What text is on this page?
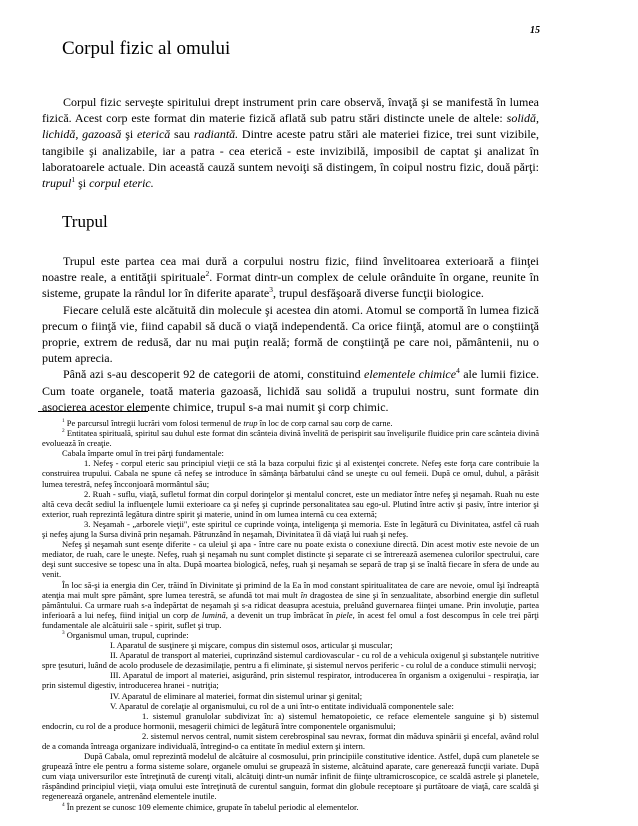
15
Corpul fizic al omului

Corpul fizic serveşte spiritului drept instrument prin care observă, învaţă şi se manifestă în lumea fizică. Acest corp este format din materie fizică aflată sub patru stări distincte unele de altele: solidă, lichidă, gazoasă şi eterică sau radiantă. Dintre aceste patru stări ale materiei fizice, trei sunt vizibile, tangibile şi analizabile, iar a patra - cea eterică - este invizibilă, imposibil de captat şi analizat în laboratoarele actuale. Din această cauză suntem nevoiţi să distingem, în coipul nostru fizic, două părţi: trupul$^1$ şi corpul eteric.

Trupul

Trupul este partea cea mai dură a corpului nostru fizic, fiind învelitoarea exterioară a fiinţei noastre reale, a entităţii spirituale$^2$. Format dintr-un complex de celule orânduite în organe, reunite în sisteme, grupate la rândul lor în diferite aparate$^3$, trupul desfăşoară diverse funcţii biologice.

Fiecare celulă este alcătuită din molecule şi acestea din atomi. Atomul se comportă în lumea fizică precum o fiinţă vie, fiind capabil să ducă o viaţă independentă. Ca orice fiinţă, atomul are o conştiinţă proprie, extrem de redusă, dar nu mai puţin reală; formă de conştiinţă pe care noi, pământenii, nu o putem aprecia.

Până azi s-au descoperit 92 de categorii de atomi, constituind elementele chimice$^4$ ale lumii fizice. Cum toate organele, toată materia gazoasă, lichidă sau solidă a trupului nostru, sunt formate din asocierea acestor elemente chimice, trupul s-a mai numit şi corp chimic.

$^1$ Pe parcursul întregii lucrări vom folosi termenul de trup în loc de corp carnal sau corp de carne.

$^2$ Entitatea spirituală, spiritul sau duhul este format din scânteia divină învelită de perispirit sau învelişurile fluidice prin care scânteia divină evoluează în creaţie.

Cabala împarte omul în trei părţi fundamentale:

1. Nefeş - corpul eteric sau principiul vieţii ce stă la baza corpului fizic şi al existenţei concrete. Nefeş este forţa care contribuie la construirea trupului. Cabala ne spune că nefeş se introduce în sămânţa bărbatului când se uneşte cu oul femeii. După ce omul, duhul, a părăsit lumea terestră, nefeş încconjoară mormântul său;

2. Ruah - suflu, viaţă, sufletul format din corpul dorinţelor şi mentalul concret, este un mediator între nefeş şi neşamah. Ruah nu este altă ceva decât sediul la influenţele lumii exterioare ca şi nefeş şi cuprinde personalitatea sau ego-ul. Plutind între activ şi pasiv, între interior şi exterior, ruah reprezintă legătura dintre spirit şi materie, unind în om lumea internă cu cea externă;

3. Neşamah - „arborele vieţii", este spiritul ce cuprinde voinţa, inteligenţa şi memoria. Este în legătură cu Divinitatea, astfel că ruah şi nefeş ajung la Sursa divină prin neşamah. Pătrunzând în neşamah, Divinitatea îi dă viaţă lui ruah şi nefeş.

Nefeş şi neşamah sunt esenţe diferite - ca uleiul şi apa - între care nu poate exista o conexiune directă. Din acest motiv este nevoie de un mediator, de ruah, care le uneşte. Nefeş, ruah şi neşamah nu sunt complet distincte şi separate ci se întrerează asemenea culorilor spectrului, care deşi sunt succesive se topesc una în alta. După moartea biologică, nefeş, ruah şi neşamah se separă de trap şi se înaltă fiecare în sfera de unde au venit.

În loc să-şi ia energia din Cer, trăind în Divinitate şi primind de la Ea în mod constant spiritualitatea de care are nevoie, omul îşi îndreaptă atenţia mai mult spre pământ, spre lumea terestră, se afundă tot mai mult în dragostea de sine şi în senzualitate, absorbind energie din sufletul pământului. Ca urmare ruah s-a îndepărtat de neşamah şi s-a ridicat deasupra acestuia, preluând guvernarea fiinţei umane. Prin involuţie, partea inferioară a lui nefeş, fiind iniţial un corp de lumină, a devenit un trup îmbrăcat în piele, în acest fel omul a fost descompus în cele trei părţi fundamentale ale alcătuirii sale - spirit, suflet şi trup.

$^3$ Organismul uman, trupul, cuprinde:

I. Aparatul de susţinere şi mişcare, compus din sistemul osos, articular şi muscular;

II. Aparatul de transport al materiei, cuprinzând sistemul cardiovascular - cu rol de a vehicula oxigenul şi substanţele nutritive spre ţesuturi, luând de acolo produsele de dezasimilaţie, pentru a fi eliminate, şi sistemul nervos periferic - cu rolul de a conduce stimulii nervoşi;

III. Aparatul de import al materiei, asigurând, prin sistemul respirator, introducerea în organism a oxigenului - respiraţia, iar prin sistemul digestiv, introducerea hranei - nutriţia;

IV. Aparatul de eliminare al materiei, format din sistemul urinar şi genital;

V. Aparatul de corelaţie al organismului, cu rol de a uni într-o entitate individuală componentele sale:

1. sistemul granulolar subdivizat în: a) sistemul hematopoietic, ce reface elementele sanguine şi b) sistemul endocrin, cu rol de a produce hormonii, mesagerii chimici de legătură între componentele organismului;

2. sistemul nervos central, numit sistem cerebrospinal sau nevrax, format din măduva spinării şi encefal, având rolul de a comanda întreaga organizare individuală, întregind-o ca entitate în mediul extern şi intern.

După Cabala, omul reprezintă modelul de alcătuire al cosmosului, prin principiile constitutive identice. Astfel, după cum planetele se grupează între ele pentru a forma sisteme solare, organele omului se grupează în sisteme, alcătuind aparate, care generează funcţii variate. După cum viaţa universurilor este întreţinută de curenţi vitali, alcătuiţi dintr-un număr infinit de fiinţe ultramicroscopice, ce scaldă astrele şi planetele, răspândind principiul vieţii, viaţa omului este întreţinută de curentul sanguin, format din globule receptoare şi purtătoare de viaţă, care scaldă şi regenerează organele, antrenând elementele inutile.

$^4$ În prezent se cunosc 109 elemente chimice, grupate în tabelul periodic al elementelor.
